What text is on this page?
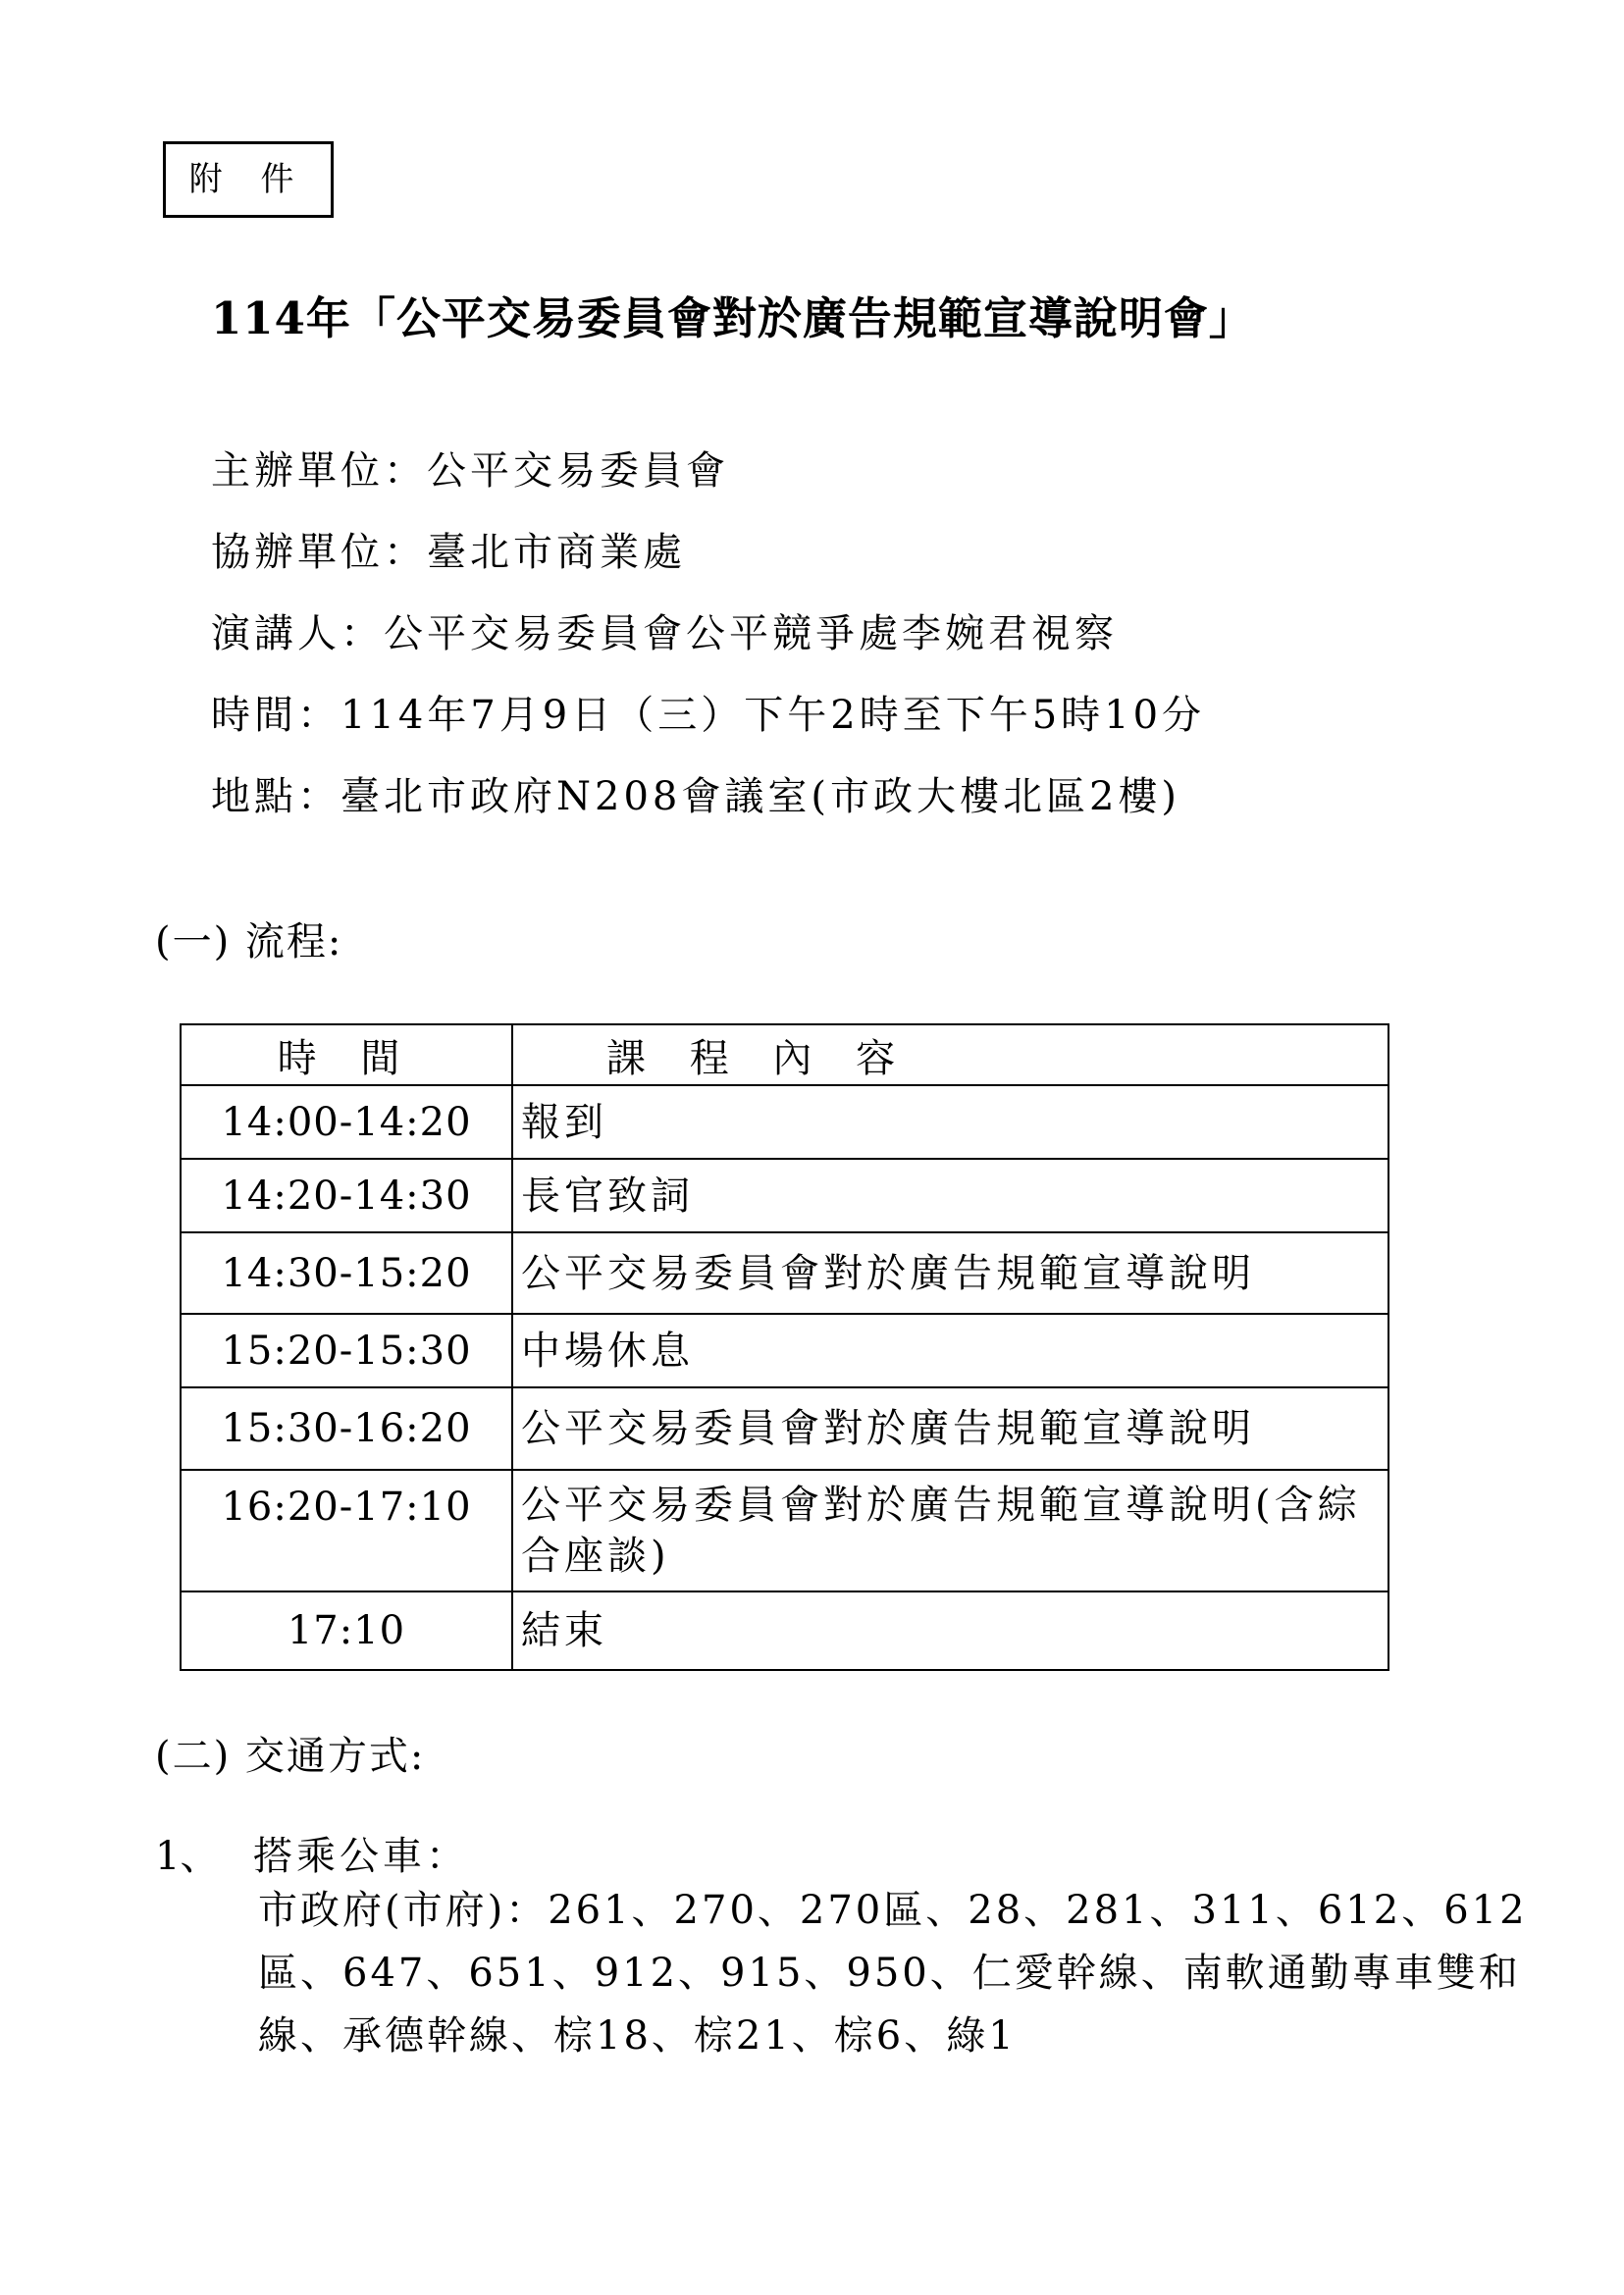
附 件
114年「公平交易委員會對於廣告規範宣導說明會」
主辦單位：公平交易委員會
協辦單位：臺北市商業處
演講人：公平交易委員會公平競爭處李婉君視察
時間：114年7月9日（三）下午2時至下午5時10分
地點：臺北市政府N208會議室(市政大樓北區2樓)
(一) 流程:
時 間	課 程 內 容
14:00-14:20	報到
14:20-14:30	長官致詞
14:30-15:20	公平交易委員會對於廣告規範宣導說明
15:20-15:30	中場休息
15:30-16:20	公平交易委員會對於廣告規範宣導說明
16:20-17:10	公平交易委員會對於廣告規範宣導說明(含綜合座談)
17:10	結束
(二) 交通方式:
1、 搭乘公車：
市政府(市府)：261、270、270區、28、281、311、612、612
區、647、651、912、915、950、仁愛幹線、南軟通勤專車雙和
線、承德幹線、棕18、棕21、棕6、綠1
